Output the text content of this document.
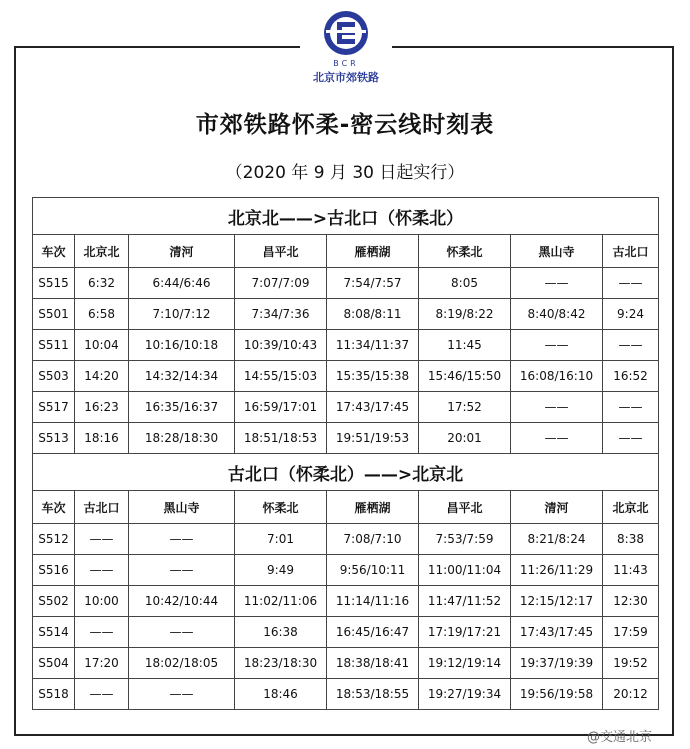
BCR
北京市郊铁路
市郊铁路怀柔-密云线时刻表
（2020 年 9 月 30 日起实行）
北京北——>古北口（怀柔北）							
车次	北京北	清河	昌平北	雁栖湖	怀柔北	黑山寺	古北口
S515	6:32	6:44/6:46	7:07/7:09	7:54/7:57	8:05	——	——
S501	6:58	7:10/7:12	7:34/7:36	8:08/8:11	8:19/8:22	8:40/8:42	9:24
S511	10:04	10:16/10:18	10:39/10:43	11:34/11:37	11:45	——	——
S503	14:20	14:32/14:34	14:55/15:03	15:35/15:38	15:46/15:50	16:08/16:10	16:52
S517	16:23	16:35/16:37	16:59/17:01	17:43/17:45	17:52	——	——
S513	18:16	18:28/18:30	18:51/18:53	19:51/19:53	20:01	——	——
古北口（怀柔北）——>北京北							
车次	古北口	黑山寺	怀柔北	雁栖湖	昌平北	清河	北京北
S512	——	——	7:01	7:08/7:10	7:53/7:59	8:21/8:24	8:38
S516	——	——	9:49	9:56/10:11	11:00/11:04	11:26/11:29	11:43
S502	10:00	10:42/10:44	11:02/11:06	11:14/11:16	11:47/11:52	12:15/12:17	12:30
S514	——	——	16:38	16:45/16:47	17:19/17:21	17:43/17:45	17:59
S504	17:20	18:02/18:05	18:23/18:30	18:38/18:41	19:12/19:14	19:37/19:39	19:52
S518	——	——	18:46	18:53/18:55	19:27/19:34	19:56/19:58	20:12
@交通北京
